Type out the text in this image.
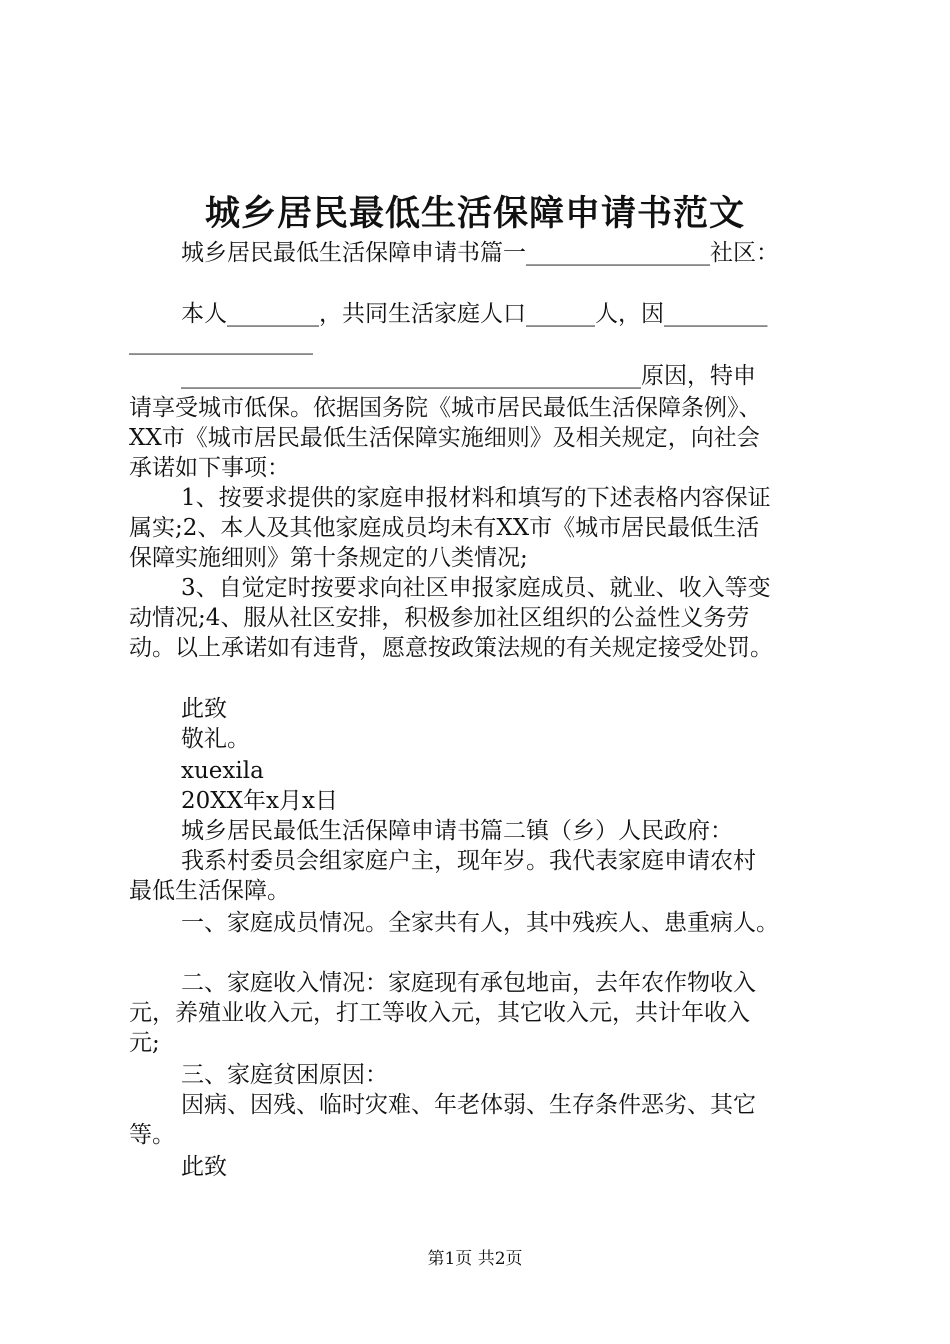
城乡居民最低生活保障申请书范文
城乡居民最低生活保障申请书篇一________________社区：
本人________，共同生活家庭人口______人，因_________
________________
________________________________________原因，特申
请享受城市低保。依据国务院《城市居民最低生活保障条例》、
XX市《城市居民最低生活保障实施细则》及相关规定，向社会
承诺如下事项：
1、按要求提供的家庭申报材料和填写的下述表格内容保证
属实;2、本人及其他家庭成员均未有XX市《城市居民最低生活
保障实施细则》第十条规定的八类情况;
3、自觉定时按要求向社区申报家庭成员、就业、收入等变
动情况;4、服从社区安排，积极参加社区组织的公益性义务劳
动。以上承诺如有违背，愿意按政策法规的有关规定接受处罚。
此致
敬礼。
xuexila
20XX年x月x日
城乡居民最低生活保障申请书篇二镇（乡）人民政府：
我系村委员会组家庭户主，现年岁。我代表家庭申请农村
最低生活保障。
一、家庭成员情况。全家共有人，其中残疾人、患重病人。
二、家庭收入情况：家庭现有承包地亩，去年农作物收入
元，养殖业收入元，打工等收入元，其它收入元，共计年收入
元;
三、家庭贫困原因：
因病、因残、临时灾难、年老体弱、生存条件恶劣、其它
等。
此致
第1页 共2页
